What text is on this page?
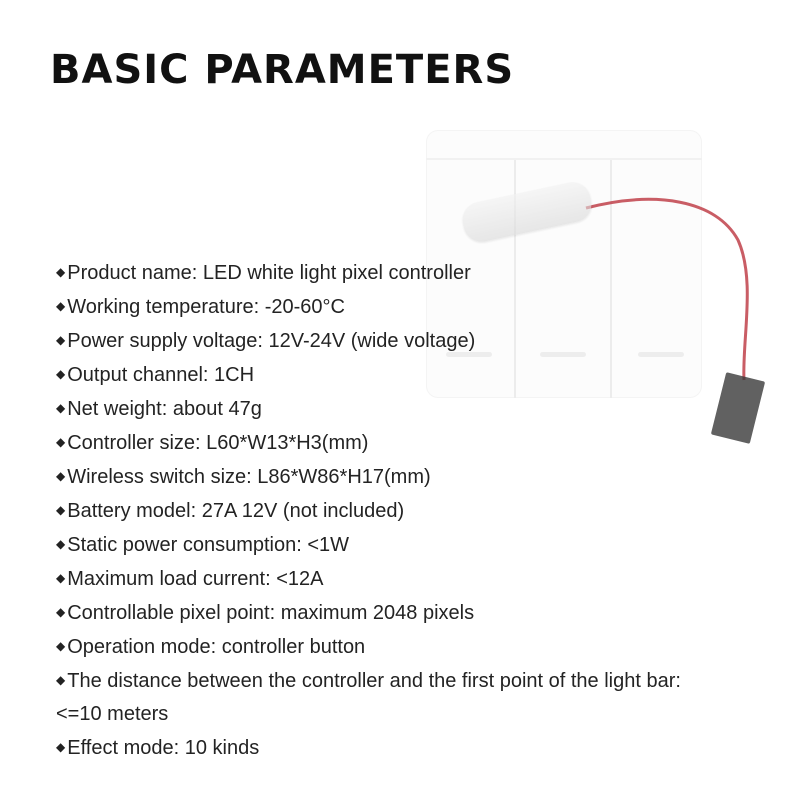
BASIC PARAMETERS
◆ Product name: LED white light pixel controller
◆ Working temperature: -20-60°C
◆ Power supply voltage: 12V-24V (wide voltage)
◆ Output channel: 1CH
◆ Net weight: about 47g
◆ Controller size: L60*W13*H3(mm)
◆ Wireless switch size: L86*W86*H17(mm)
◆ Battery model: 27A 12V (not included)
◆ Static power consumption: <1W
◆ Maximum load current: <12A
◆ Controllable pixel point: maximum 2048 pixels
◆ Operation mode: controller button
◆ The distance between the controller and the first point of the light bar: <=10 meters
◆ Effect mode: 10 kinds
